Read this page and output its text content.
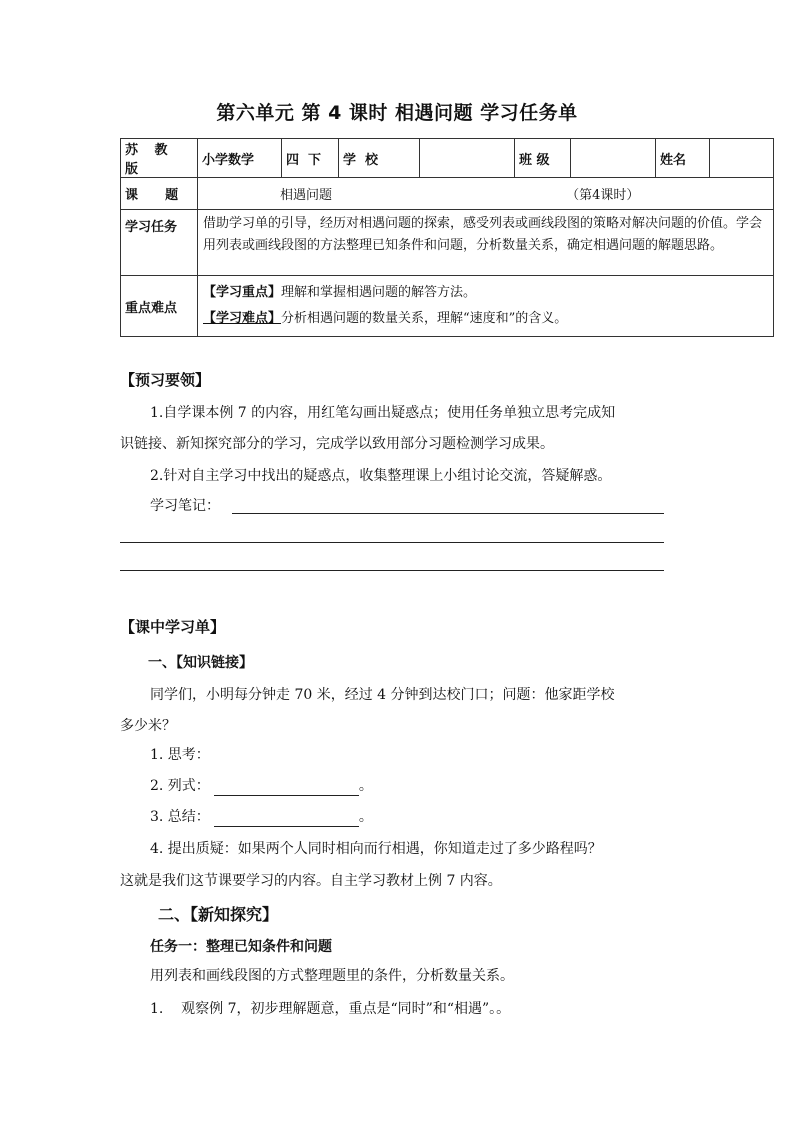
第六单元 第 4 课时 相遇问题 学习任务单
苏 教 版	小学数学	四  下	学  校		班 级		姓名	
课      题	相遇问题 （第4课时）							
学习任务	借助学习单的引导，经历对相遇问题的探索，感受列表或画线段图的策略对解决问题的价值。学会用列表或画线段图的方法整理已知条件和问题，分析数量关系，确定相遇问题的解题思路。							
重点难点	【学习重点】理解和掌握相遇问题的解答方法。
【学习难点】分析相遇问题的数量关系，理解“速度和”的含义。							
【预习要领】
1.自学课本例 7 的内容，用红笔勾画出疑惑点；使用任务单独立思考完成知
识链接、新知探究部分的学习，完成学以致用部分习题检测学习成果。
2.针对自主学习中找出的疑惑点，收集整理课上小组讨论交流，答疑解惑。
学习笔记：
【课中学习单】
一、【知识链接】
同学们，小明每分钟走 70 米，经过 4 分钟到达校门口；问题：他家距学校
多少米？
1. 思考：
2. 列式：	。
3. 总结：	。
4. 提出质疑：如果两个人同时相向而行相遇，你知道走过了多少路程吗？
这就是我们这节课要学习的内容。自主学习教材上例 7 内容。
二、【新知探究】
任务一：整理已知条件和问题
用列表和画线段图的方式整理题里的条件，分析数量关系。
1.    观察例 7，初步理解题意，重点是“同时”和“相遇”。。
